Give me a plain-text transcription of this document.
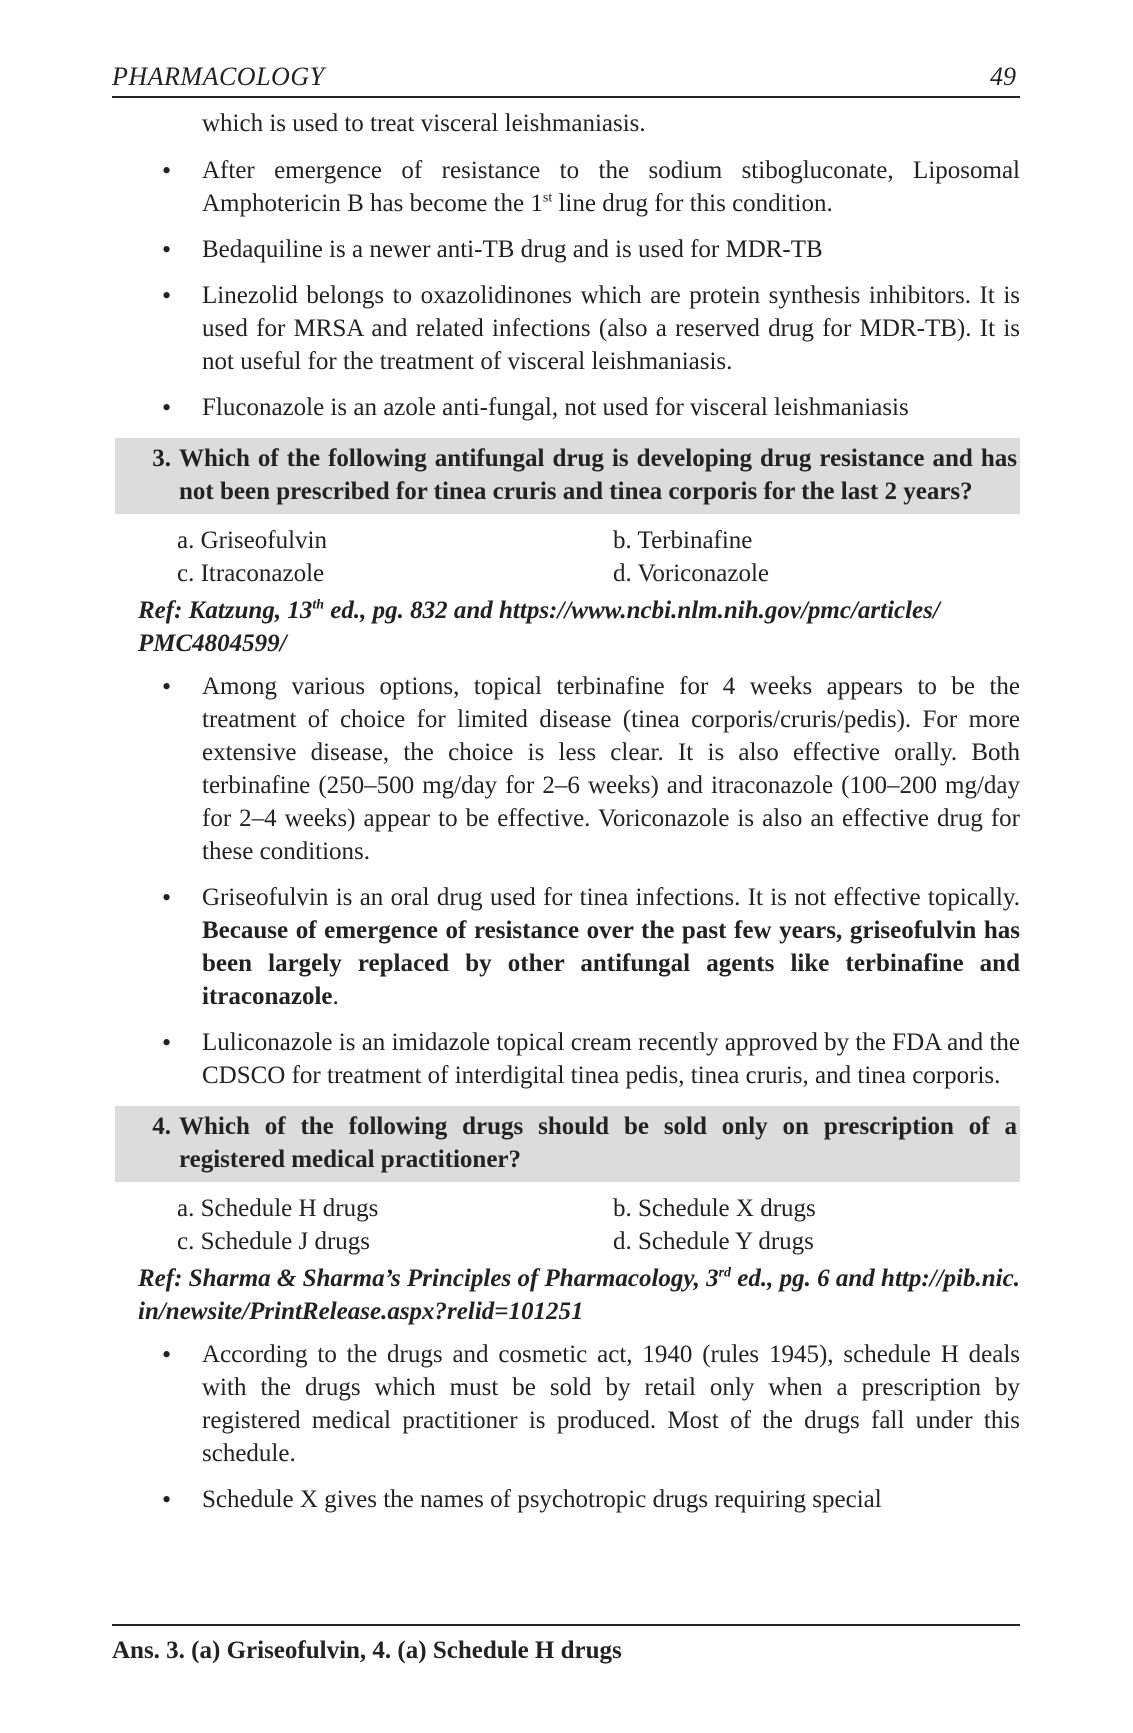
PHARMACOLOGY	49

which is used to treat visceral leishmaniasis.

• After emergence of resistance to the sodium stibogluconate, Liposomal Amphotericin B has become the 1st line drug for this condition.
• Bedaquiline is a newer anti-TB drug and is used for MDR-TB
• Linezolid belongs to oxazolidinones which are protein synthesis inhibitors. It is used for MRSA and related infections (also a reserved drug for MDR-TB). It is not useful for the treatment of visceral leishmaniasis.
• Fluconazole is an azole anti-fungal, not used for visceral leishmaniasis
3. Which of the following antifungal drug is developing drug resistance and has not been prescribed for tinea cruris and tinea corporis for the last 2 years?
a. Griseofulvin	b. Terbinafine
c. Itraconazole	d. Voriconazole
Ref: Katzung, 13th ed., pg. 832 and https://www.ncbi.nlm.nih.gov/pmc/articles/
PMC4804599/
• Among various options, topical terbinafine for 4 weeks appears to be the treatment of choice for limited disease (tinea corporis/cruris/pedis). For more extensive disease, the choice is less clear. It is also effective orally. Both terbinafine (250–500 mg/day for 2–6 weeks) and itraconazole (100–200 mg/day for 2–4 weeks) appear to be effective. Voriconazole is also an effective drug for these conditions.
• Griseofulvin is an oral drug used for tinea infections. It is not effective topically. Because of emergence of resistance over the past few years, griseofulvin has been largely replaced by other antifungal agents like terbinafine and itraconazole.
• Luliconazole is an imidazole topical cream recently approved by the FDA and the CDSCO for treatment of interdigital tinea pedis, tinea cruris, and tinea corporis.
4. Which of the following drugs should be sold only on prescription of a registered medical practitioner?
a. Schedule H drugs	b. Schedule X drugs
c. Schedule J drugs	d. Schedule Y drugs
Ref: Sharma & Sharma’s Principles of Pharmacology, 3rd ed., pg. 6 and http://pib.nic.
in/newsite/PrintRelease.aspx?relid=101251
• According to the drugs and cosmetic act, 1940 (rules 1945), schedule H deals with the drugs which must be sold by retail only when a prescription by registered medical practitioner is produced. Most of the drugs fall under this schedule.
• Schedule X gives the names of psychotropic drugs requiring special
Ans. 3. (a) Griseofulvin, 4. (a) Schedule H drugs
